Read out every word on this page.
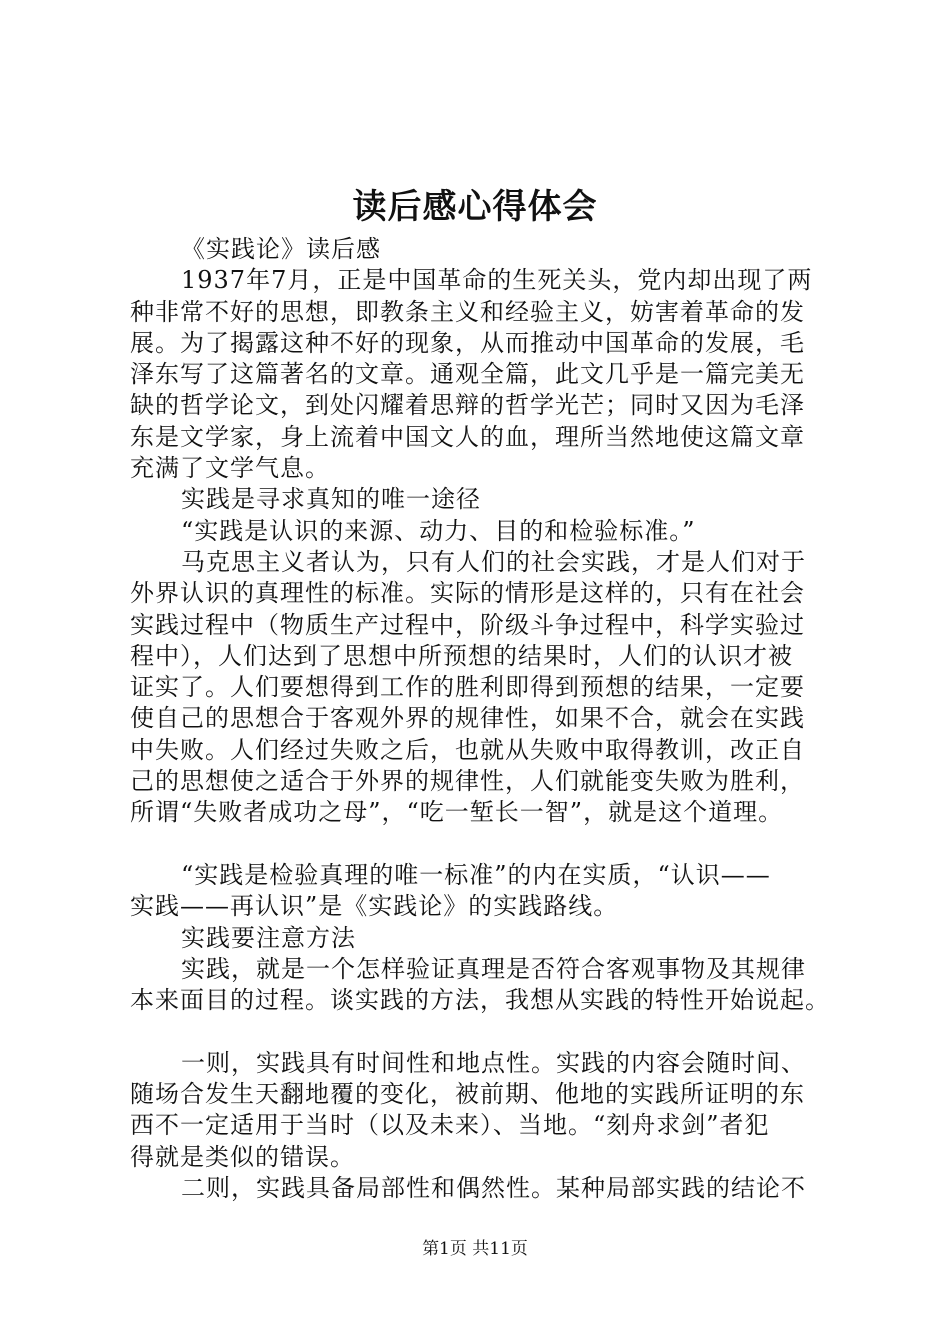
读后感心得体会
《实践论》读后感
1937年7月，正是中国革命的生死关头，党内却出现了两
种非常不好的思想，即教条主义和经验主义，妨害着革命的发
展。为了揭露这种不好的现象，从而推动中国革命的发展，毛
泽东写了这篇著名的文章。通观全篇，此文几乎是一篇完美无
缺的哲学论文，到处闪耀着思辩的哲学光芒；同时又因为毛泽
东是文学家，身上流着中国文人的血，理所当然地使这篇文章
充满了文学气息。
实践是寻求真知的唯一途径
“实践是认识的来源、动力、目的和检验标准。”
马克思主义者认为，只有人们的社会实践，才是人们对于
外界认识的真理性的标准。实际的情形是这样的，只有在社会
实践过程中（物质生产过程中，阶级斗争过程中，科学实验过
程中），人们达到了思想中所预想的结果时，人们的认识才被
证实了。人们要想得到工作的胜利即得到预想的结果，一定要
使自己的思想合于客观外界的规律性，如果不合，就会在实践
中失败。人们经过失败之后，也就从失败中取得教训，改正自
己的思想使之适合于外界的规律性，人们就能变失败为胜利，
所谓“失败者成功之母”，“吃一堑长一智”，就是这个道理。
“实践是检验真理的唯一标准”的内在实质，“认识——
实践——再认识”是《实践论》的实践路线。
实践要注意方法
实践，就是一个怎样验证真理是否符合客观事物及其规律
本来面目的过程。谈实践的方法，我想从实践的特性开始说起。
一则，实践具有时间性和地点性。实践的内容会随时间、
随场合发生天翻地覆的变化，被前期、他地的实践所证明的东
西不一定适用于当时（以及未来）、当地。“刻舟求剑”者犯
得就是类似的错误。
二则，实践具备局部性和偶然性。某种局部实践的结论不
第1页 共11页
